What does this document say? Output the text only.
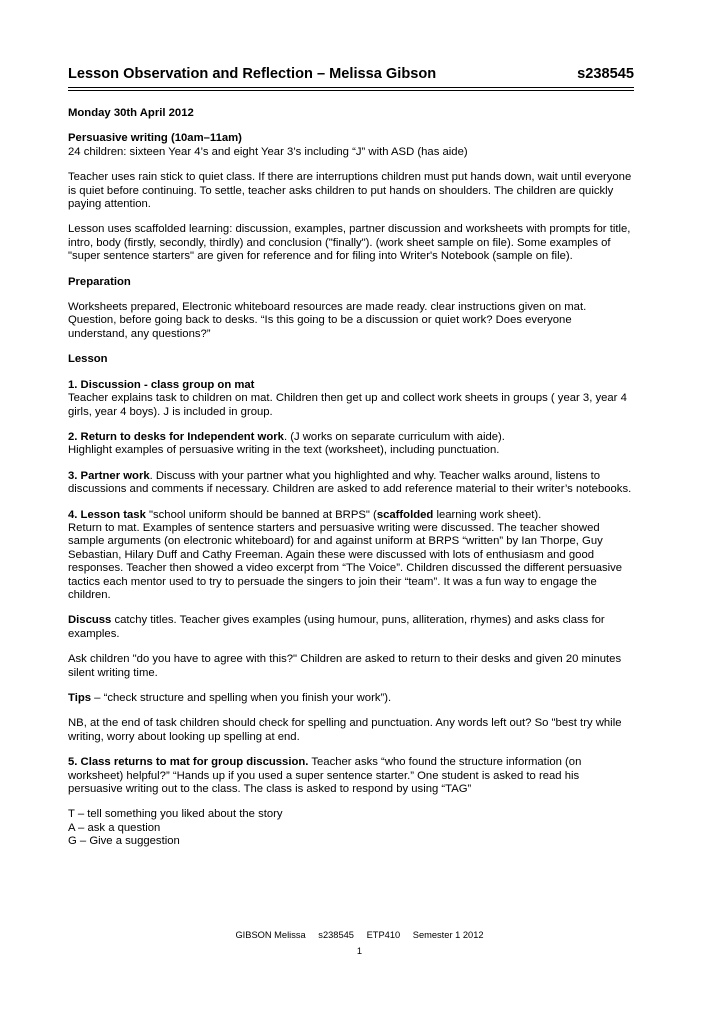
Lesson Observation and Reflection – Melissa Gibson	s238545

Monday 30th April 2012

Persuasive writing (10am–11am)
24 children: sixteen Year 4’s and eight Year 3’s including “J” with ASD (has aide)

Teacher uses rain stick to quiet class. If there are interruptions children must put hands down, wait until everyone is quiet before continuing. To settle, teacher asks children to put hands on shoulders. The children are quickly paying attention.

Lesson uses scaffolded learning: discussion, examples, partner discussion and worksheets with prompts for title, intro, body (firstly, secondly, thirdly) and conclusion ("finally"). (work sheet sample on file). Some examples of "super sentence starters" are given for reference and for filing into Writer's Notebook (sample on file).

Preparation

Worksheets prepared, Electronic whiteboard resources are made ready. clear instructions given on mat. Question, before going back to desks. “Is this going to be a discussion or quiet work? Does everyone understand, any questions?”

Lesson

1. Discussion - class group on mat
Teacher explains task to children on mat. Children then get up and collect work sheets in groups ( year 3, year 4 girls, year 4 boys). J is included in group.

2. Return to desks for Independent work. (J works on separate curriculum with aide).
Highlight examples of persuasive writing in the text (worksheet), including punctuation.

3. Partner work. Discuss with your partner what you highlighted and why. Teacher walks around, listens to discussions and comments if necessary. Children are asked to add reference material to their writer’s notebooks.

4. Lesson task "school uniform should be banned at BRPS" (scaffolded learning work sheet).
Return to mat. Examples of sentence starters and persuasive writing were discussed. The teacher showed sample arguments (on electronic whiteboard) for and against uniform at BRPS “written” by Ian Thorpe, Guy Sebastian, Hilary Duff and Cathy Freeman. Again these were discussed with lots of enthusiasm and good responses. Teacher then showed a video excerpt from “The Voice”. Children discussed the different persuasive tactics each mentor used to try to persuade the singers to join their “team”. It was a fun way to engage the children.

Discuss catchy titles. Teacher gives examples (using humour, puns, alliteration, rhymes) and asks class for examples.

Ask children "do you have to agree with this?" Children are asked to return to their desks and given 20 minutes silent writing time.

Tips – “check structure and spelling when you finish your work”).

NB, at the end of task children should check for spelling and punctuation. Any words left out? So "best try while writing, worry about looking up spelling at end.

5. Class returns to mat for group discussion. Teacher asks “who found the structure information (on worksheet) helpful?” “Hands up if you used a super sentence starter.” One student is asked to read his persuasive writing out to the class. The class is asked to respond by using “TAG”

T – tell something you liked about the story
A – ask a question
G – Give a suggestion

GIBSON Melissa s238545 ETP410 Semester 1 2012
1
